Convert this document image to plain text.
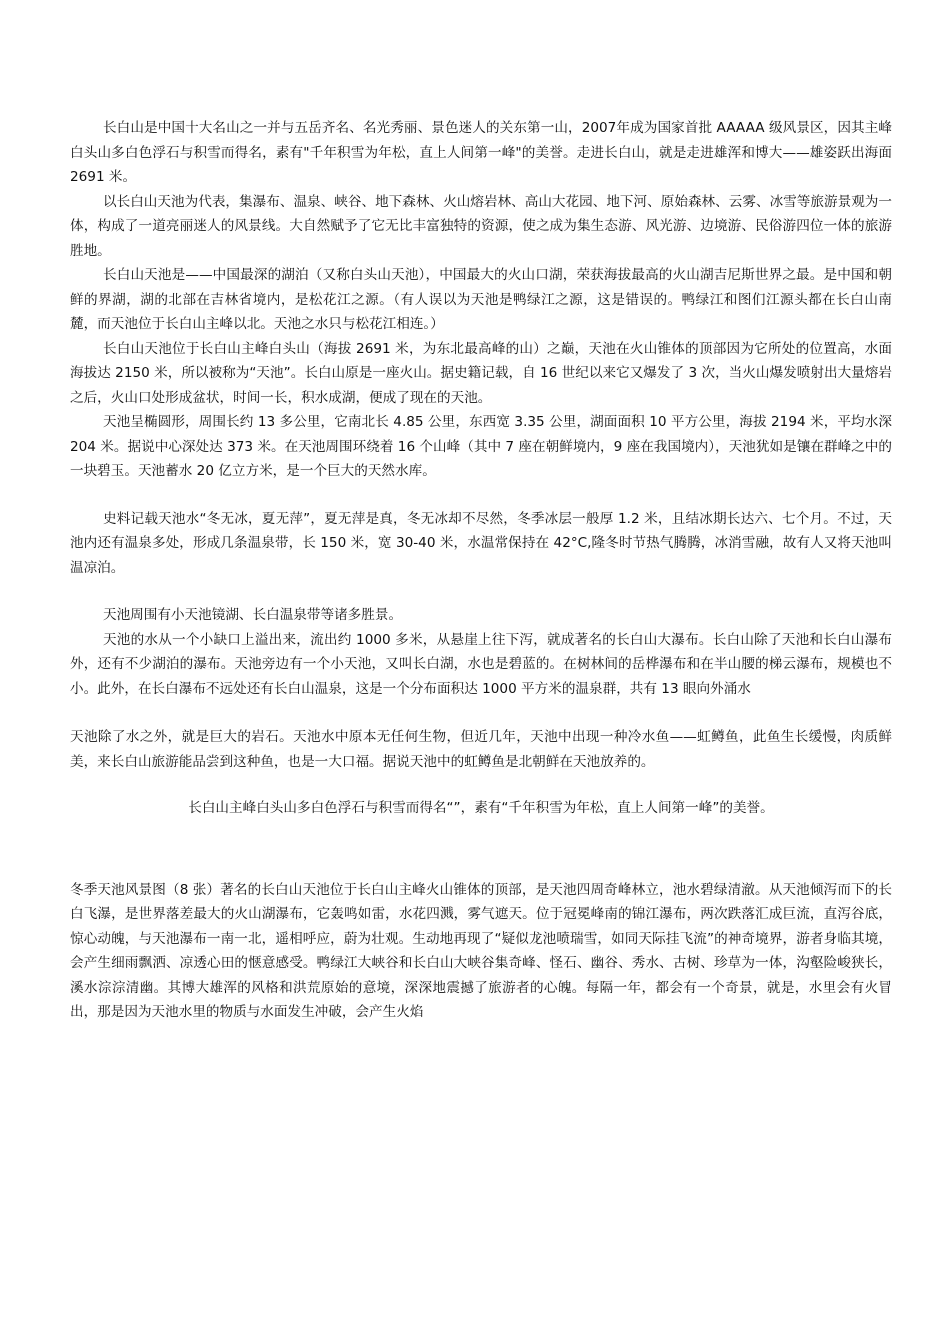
长白山是中国十大名山之一并与五岳齐名、名光秀丽、景色迷人的关东第一山，2007年成为国家首批 AAAAA 级风景区，因其主峰白头山多白色浮石与积雪而得名，素有"千年积雪为年松，直上人间第一峰"的美誉。走进长白山，就是走进雄浑和博大——雄姿跃出海面 2691 米。

以长白山天池为代表，集瀑布、温泉、峡谷、地下森林、火山熔岩林、高山大花园、地下河、原始森林、云雾、冰雪等旅游景观为一体，构成了一道亮丽迷人的风景线。大自然赋予了它无比丰富独特的资源，使之成为集生态游、风光游、边境游、民俗游四位一体的旅游胜地。

长白山天池是——中国最深的湖泊（又称白头山天池），中国最大的火山口湖，荣获海拔最高的火山湖吉尼斯世界之最。是中国和朝鲜的界湖，湖的北部在吉林省境内，是松花江之源。（有人误以为天池是鸭绿江之源，这是错误的。鸭绿江和图们江源头都在长白山南麓，而天池位于长白山主峰以北。天池之水只与松花江相连。）

长白山天池位于长白山主峰白头山（海拔 2691 米，为东北最高峰的山）之巅，天池在火山锥体的顶部因为它所处的位置高，水面海拔达 2150 米，所以被称为“天池”。长白山原是一座火山。据史籍记载，自 16 世纪以来它又爆发了 3 次，当火山爆发喷射出大量熔岩之后，火山口处形成盆状，时间一长，积水成湖，便成了现在的天池。

天池呈椭圆形，周围长约 13 多公里，它南北长 4.85 公里，东西宽 3.35 公里，湖面面积 10 平方公里，海拔 2194 米，平均水深 204 米。据说中心深处达 373 米。在天池周围环绕着 16 个山峰（其中 7 座在朝鲜境内，9 座在我国境内），天池犹如是镶在群峰之中的一块碧玉。天池蓄水 20 亿立方米，是一个巨大的天然水库。

史料记载天池水“冬无冰，夏无萍”，夏无萍是真，冬无冰却不尽然，冬季冰层一般厚 1.2 米，且结冰期长达六、七个月。不过，天池内还有温泉多处，形成几条温泉带，长 150 米，宽 30-40 米，水温常保持在 42°C,隆冬时节热气腾腾，冰消雪融，故有人又将天池叫温凉泊。

天池周围有小天池镜湖、长白温泉带等诸多胜景。

天池的水从一个小缺口上溢出来，流出约 1000 多米，从悬崖上往下泻，就成著名的长白山大瀑布。长白山除了天池和长白山瀑布外，还有不少湖泊的瀑布。天池旁边有一个小天池，又叫长白湖，水也是碧蓝的。在树林间的岳桦瀑布和在半山腰的梯云瀑布，规模也不小。此外，在长白瀑布不远处还有长白山温泉，这是一个分布面积达 1000 平方米的温泉群，共有 13 眼向外涌水

天池除了水之外，就是巨大的岩石。天池水中原本无任何生物，但近几年，天池中出现一种冷水鱼——虹鳟鱼，此鱼生长缓慢，肉质鲜美，来长白山旅游能品尝到这种鱼，也是一大口福。据说天池中的虹鳟鱼是北朝鲜在天池放养的。

长白山主峰白头山多白色浮石与积雪而得名“”，素有“千年积雪为年松，直上人间第一峰”的美誉。

冬季天池风景图（8 张）著名的长白山天池位于长白山主峰火山锥体的顶部，是天池四周奇峰林立，池水碧绿清澈。从天池倾泻而下的长白飞瀑，是世界落差最大的火山湖瀑布，它轰鸣如雷，水花四溅，雾气遮天。位于冠冕峰南的锦江瀑布，两次跌落汇成巨流，直泻谷底，惊心动魄，与天池瀑布一南一北，遥相呼应，蔚为壮观。生动地再现了“疑似龙池喷瑞雪，如同天际挂飞流”的神奇境界，游者身临其境，会产生细雨飘洒、凉透心田的惬意感受。鸭绿江大峡谷和长白山大峡谷集奇峰、怪石、幽谷、秀水、古树、珍草为一体，沟壑险峻狭长，溪水淙淙清幽。其博大雄浑的风格和洪荒原始的意境，深深地震撼了旅游者的心魄。每隔一年，都会有一个奇景，就是，水里会有火冒出，那是因为天池水里的物质与水面发生冲破，会产生火焰
